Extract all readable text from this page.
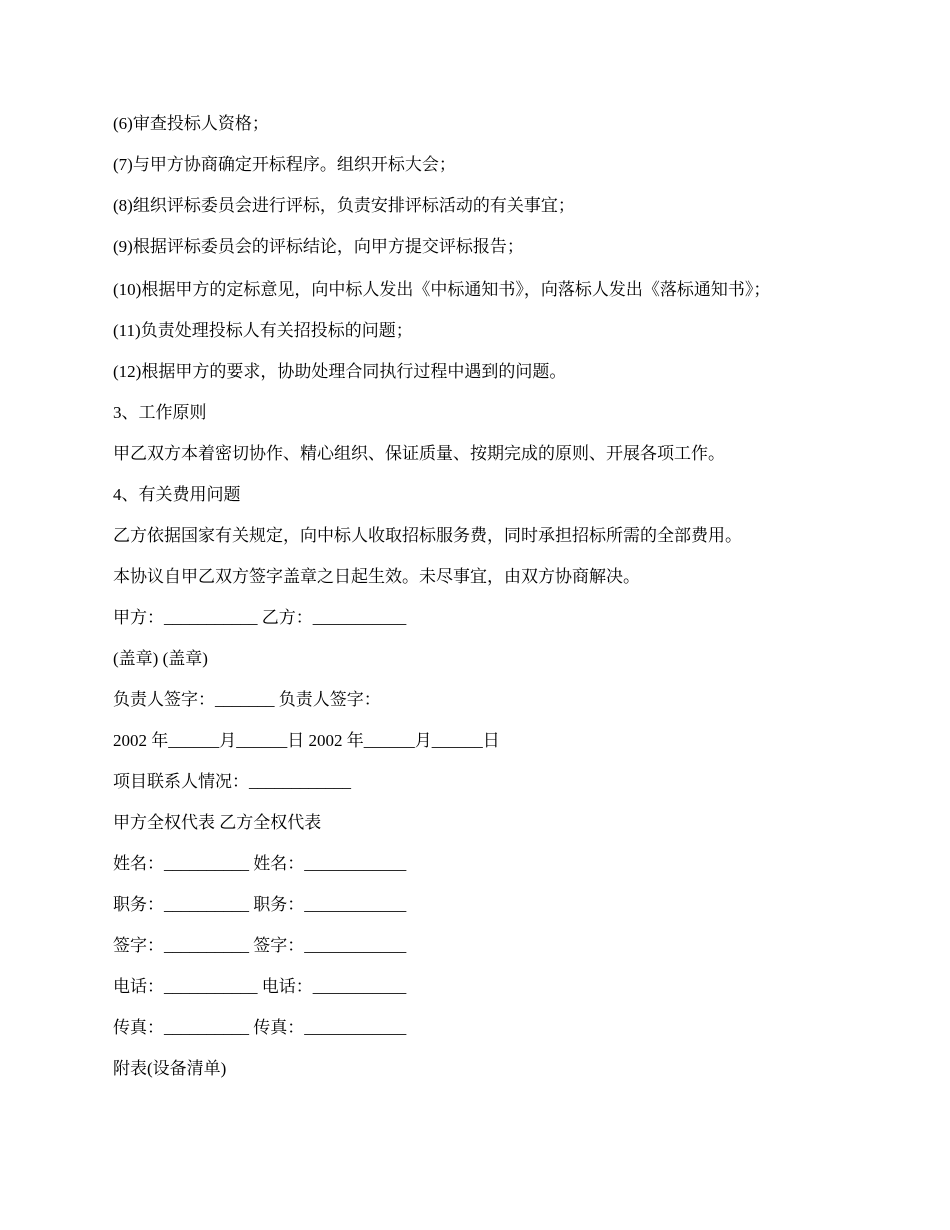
(6)审查投标人资格；
(7)与甲方协商确定开标程序。组织开标大会；
(8)组织评标委员会进行评标，负责安排评标活动的有关事宜；
(9)根据评标委员会的评标结论，向甲方提交评标报告；
(10)根据甲方的定标意见，向中标人发出《中标通知书》，向落标人发出《落标通知书》；
(11)负责处理投标人有关招投标的问题；
(12)根据甲方的要求，协助处理合同执行过程中遇到的问题。
3、工作原则
甲乙双方本着密切协作、精心组织、保证质量、按期完成的原则、开展各项工作。
4、有关费用问题
乙方依据国家有关规定，向中标人收取招标服务费，同时承担招标所需的全部费用。
本协议自甲乙双方签字盖章之日起生效。未尽事宜，由双方协商解决。
甲方：___________ 乙方：___________
(盖章) (盖章)
负责人签字：_______ 负责人签字：
2002 年______月______日 2002 年______月______日
项目联系人情况：____________
甲方全权代表 乙方全权代表
姓名：__________ 姓名：____________
职务：__________ 职务：____________
签字：__________ 签字：____________
电话：___________ 电话：___________
传真：__________ 传真：____________
附表(设备清单)
